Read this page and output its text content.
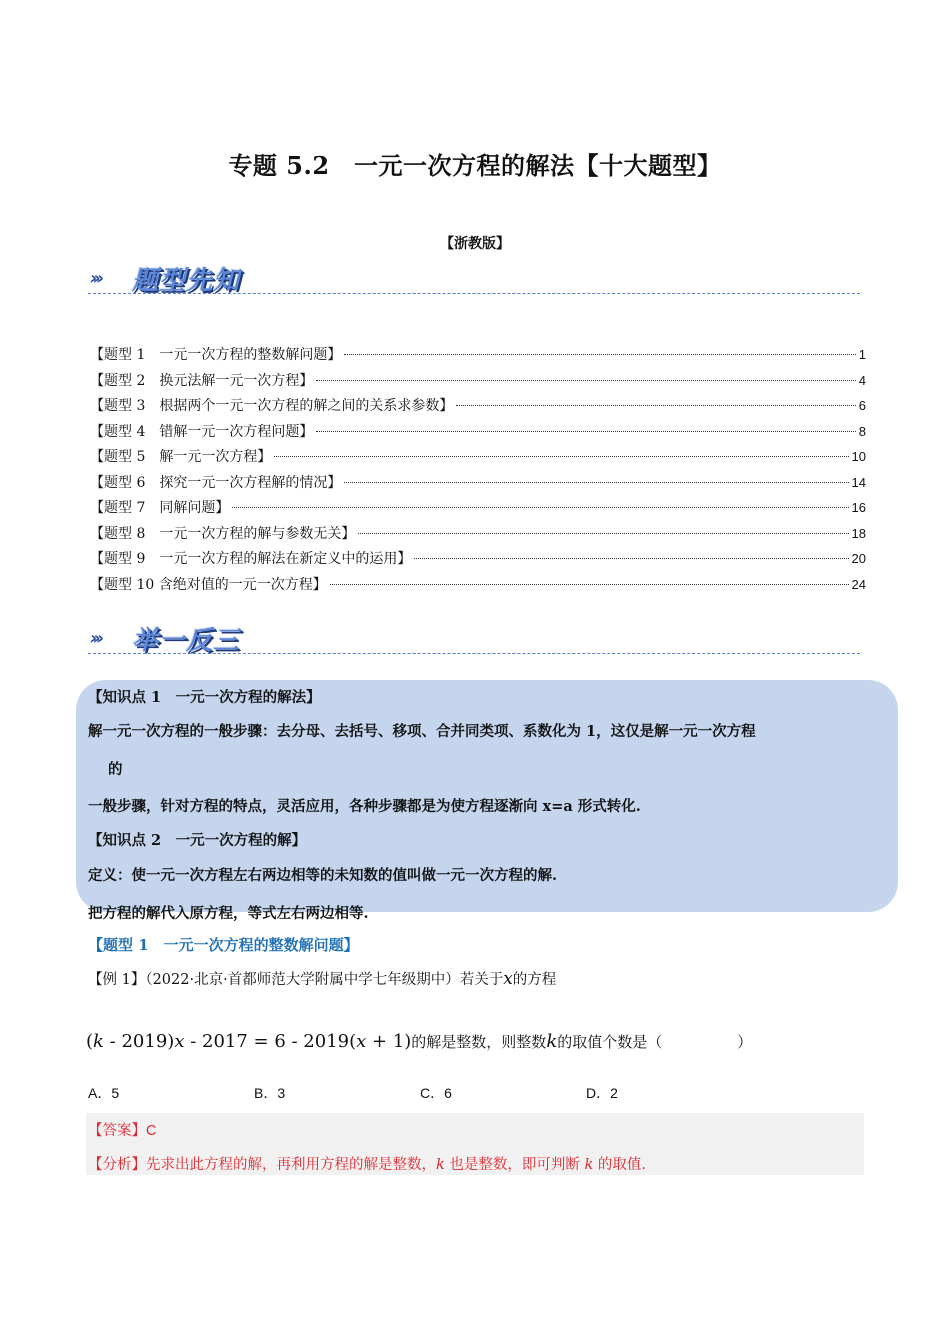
专题 5.2　一元一次方程的解法【十大题型】
【浙教版】
››› 题型先知
【题型 1　一元一次方程的整数解问题】	1
【题型 2　换元法解一元一次方程】	4
【题型 3　根据两个一元一次方程的解之间的关系求参数】	6
【题型 4　错解一元一次方程问题】	8
【题型 5　解一元一次方程】	10
【题型 6　探究一元一次方程解的情况】	14
【题型 7　同解问题】	16
【题型 8　一元一次方程的解与参数无关】	18
【题型 9　一元一次方程的解法在新定义中的运用】	20
【题型 10 含绝对值的一元一次方程】	24
››› 举一反三
【知识点 1　一元一次方程的解法】
解一元一次方程的一般步骤：去分母、去括号、移项、合并同类项、系数化为 1，这仅是解一元一次方程
的
一般步骤，针对方程的特点，灵活应用，各种步骤都是为使方程逐渐向 x=a 形式转化.
【知识点 2　一元一次方程的解】
定义：使一元一次方程左右两边相等的未知数的值叫做一元一次方程的解.
把方程的解代入原方程，等式左右两边相等.
【题型 1　一元一次方程的整数解问题】
【例 1】（2022·北京·首都师范大学附属中学七年级期中）若关于x的方程
(k - 2019)x - 2017 = 6 - 2019(x + 1)的解是整数，则整数k的取值个数是（　　　　　）
A．5	B．3	C．6	D．2
【答案】C
【分析】先求出此方程的解，再利用方程的解是整数，k 也是整数，即可判断 k 的取值.
